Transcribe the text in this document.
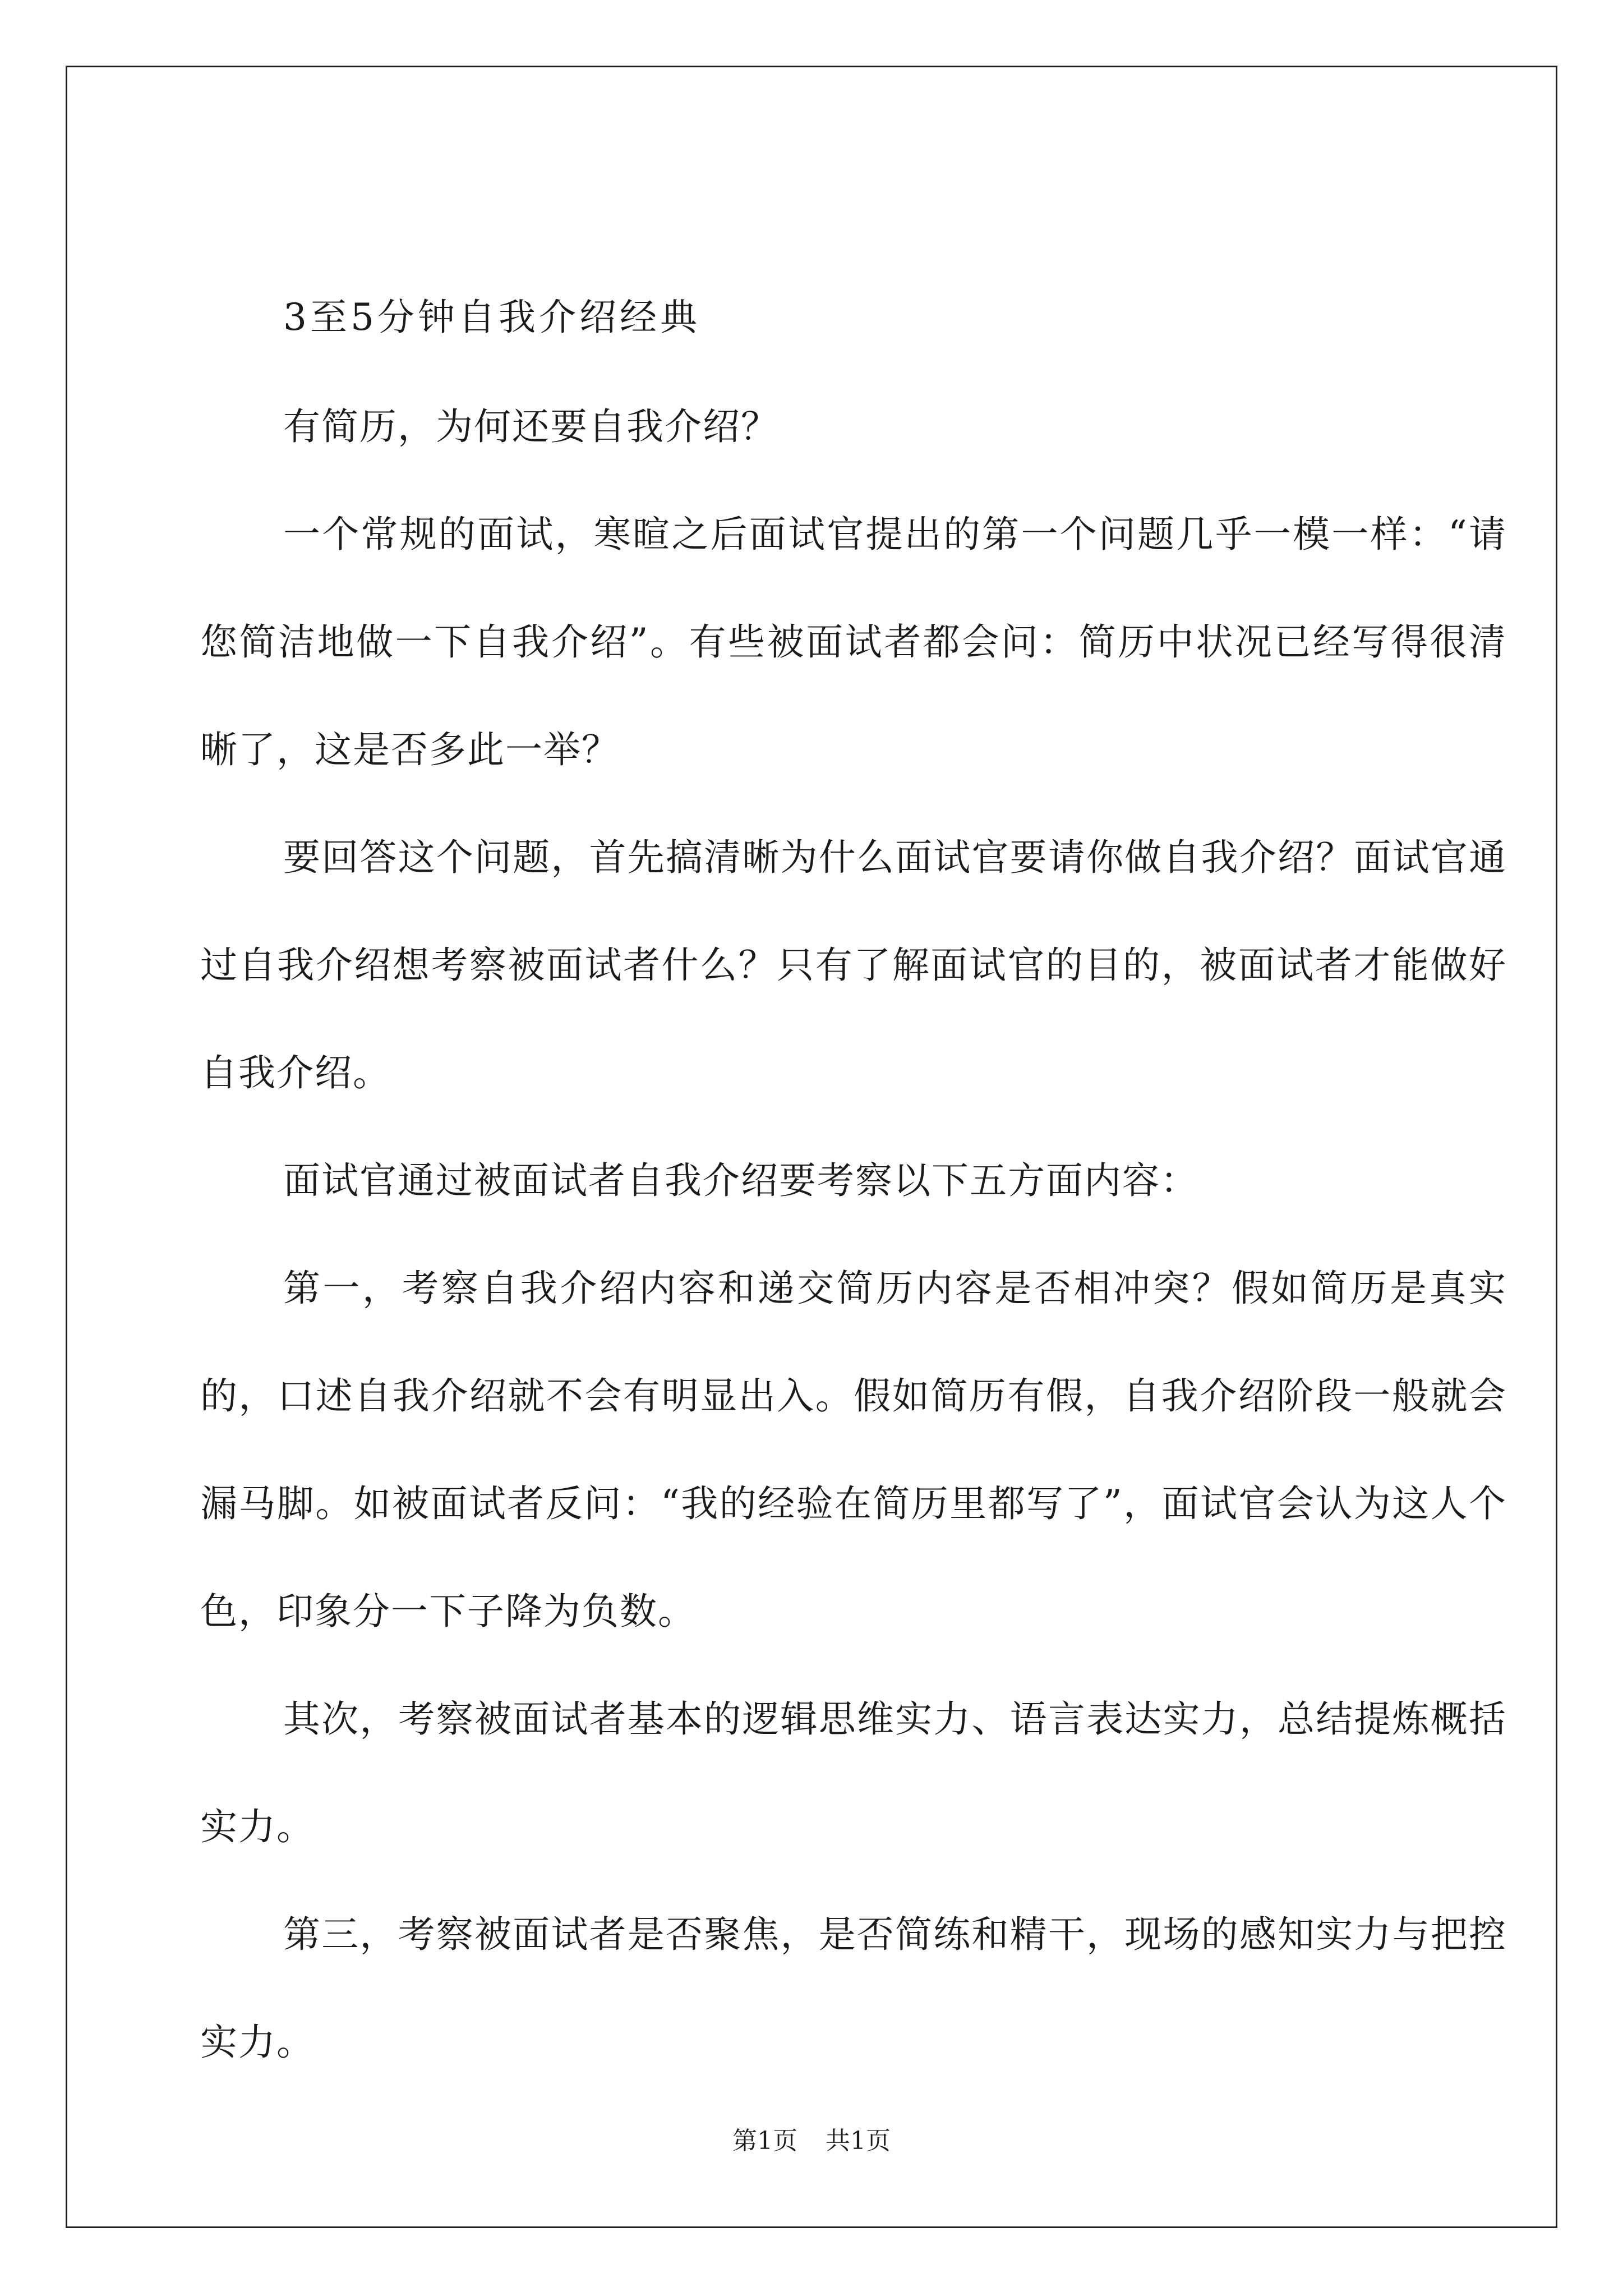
3至5分钟自我介绍经典

有简历，为何还要自我介绍？

一个常规的面试，寒暄之后面试官提出的第一个问题几乎一模一样：“请您简洁地做一下自我介绍”。有些被面试者都会问：简历中状况已经写得很清晰了，这是否多此一举？

要回答这个问题，首先搞清晰为什么面试官要请你做自我介绍？面试官通过自我介绍想考察被面试者什么？只有了解面试官的目的，被面试者才能做好自我介绍。

面试官通过被面试者自我介绍要考察以下五方面内容：

第一，考察自我介绍内容和递交简历内容是否相冲突？假如简历是真实的，口述自我介绍就不会有明显出入。假如简历有假，自我介绍阶段一般就会漏马脚。如被面试者反问：“我的经验在简历里都写了”，面试官会认为这人个色，印象分一下子降为负数。

其次，考察被面试者基本的逻辑思维实力、语言表达实力，总结提炼概括实力。

第三，考察被面试者是否聚焦，是否简练和精干，现场的感知实力与把控实力。

第1页 共1页
